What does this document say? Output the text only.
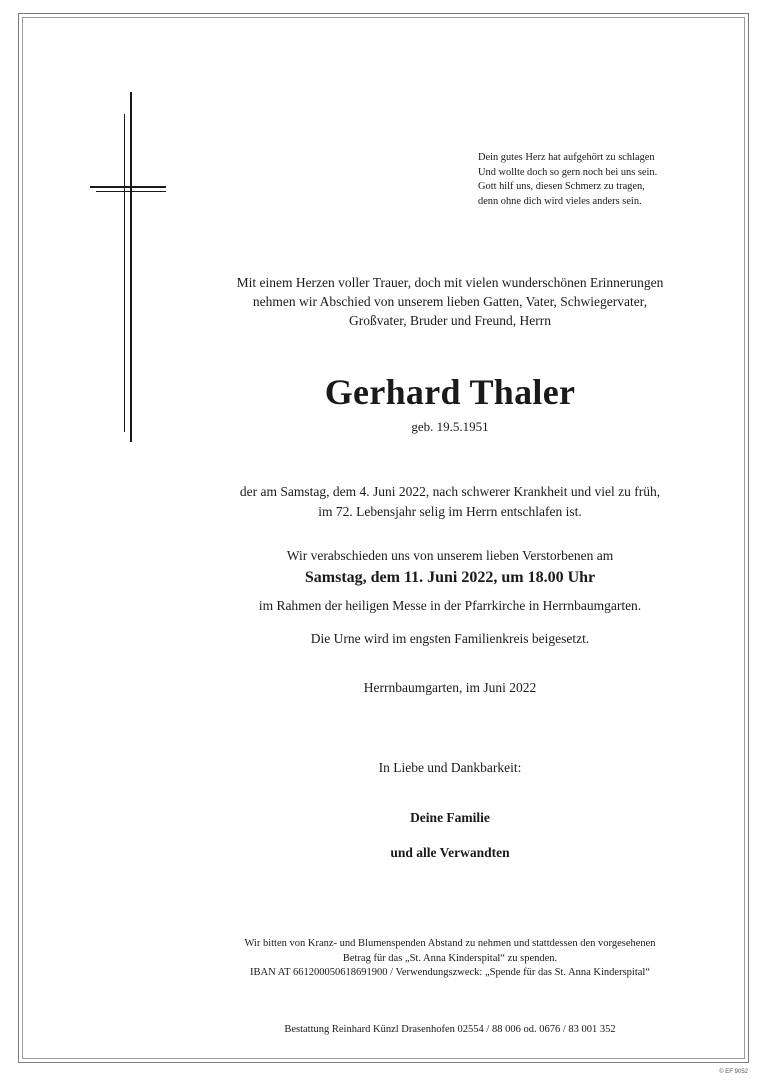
Dein gutes Herz hat aufgehört zu schlagen
Und wollte doch so gern noch bei uns sein.
Gott hilf uns, diesen Schmerz zu tragen,
denn ohne dich wird vieles anders sein.
Mit einem Herzen voller Trauer, doch mit vielen wunderschönen Erinnerungen
nehmen wir Abschied von unserem lieben Gatten, Vater, Schwiegervater,
Großvater, Bruder und Freund, Herrn
Gerhard Thaler
geb. 19.5.1951
der am Samstag, dem 4. Juni 2022, nach schwerer Krankheit und viel zu früh,
im 72. Lebensjahr selig im Herrn entschlafen ist.
Wir verabschieden uns von unserem lieben Verstorbenen am
Samstag, dem 11. Juni 2022, um 18.00 Uhr
im Rahmen der heiligen Messe in der Pfarrkirche in Herrnbaumgarten.
Die Urne wird im engsten Familienkreis beigesetzt.
Herrnbaumgarten, im Juni 2022
In Liebe und Dankbarkeit:
Deine Familie
und alle Verwandten
Wir bitten von Kranz- und Blumenspenden Abstand zu nehmen und stattdessen den vorgesehenen
Betrag für das „St. Anna Kinderspital“ zu spenden.
IBAN AT 661200050618691900 / Verwendungszweck: „Spende für das St. Anna Kinderspital“
Bestattung Reinhard Künzl Drasenhofen 02554 / 88 006 od. 0676 / 83 001 352
© EF 9052
